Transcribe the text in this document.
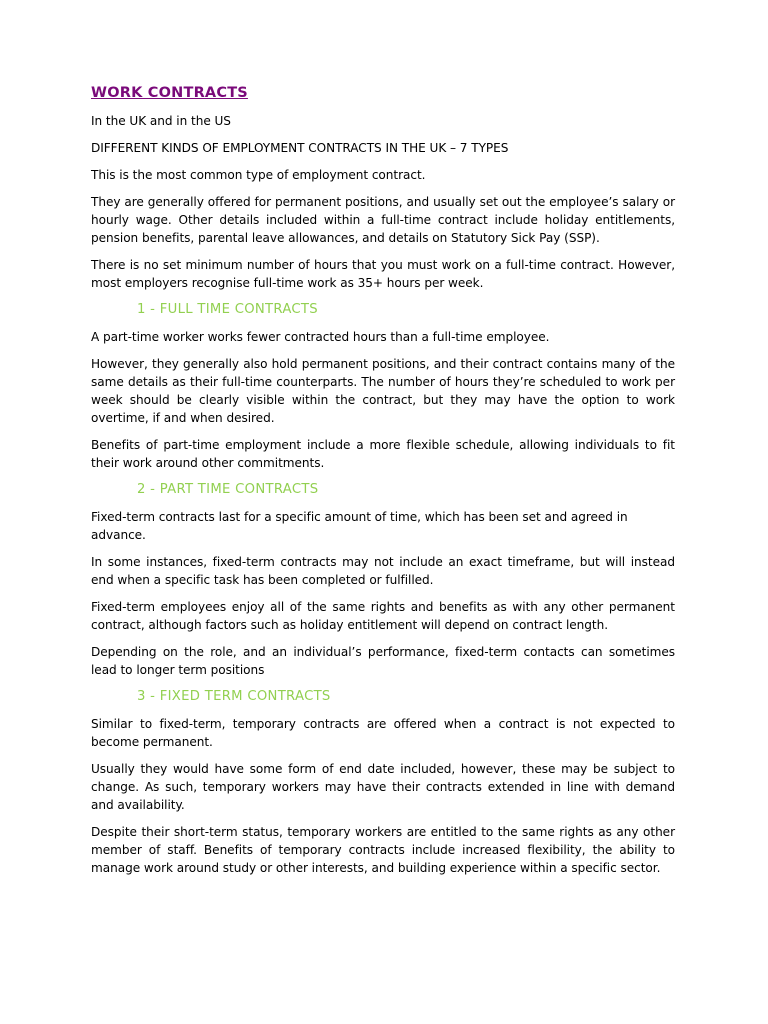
WORK CONTRACTS
In the UK and in the US
DIFFERENT KINDS OF EMPLOYMENT CONTRACTS IN THE UK – 7 TYPES
This is the most common type of employment contract.
They are generally offered for permanent positions, and usually set out the employee’s salary or hourly wage. Other details included within a full-time contract include holiday entitlements, pension benefits, parental leave allowances, and details on Statutory Sick Pay (SSP).
There is no set minimum number of hours that you must work on a full-time contract. However, most employers recognise full-time work as 35+ hours per week.
1 - FULL TIME CONTRACTS
A part-time worker works fewer contracted hours than a full-time employee.
However, they generally also hold permanent positions, and their contract contains many of the same details as their full-time counterparts. The number of hours they’re scheduled to work per week should be clearly visible within the contract, but they may have the option to work overtime, if and when desired.
Benefits of part-time employment include a more flexible schedule, allowing individuals to fit their work around other commitments.
2 - PART TIME CONTRACTS
Fixed-term contracts last for a specific amount of time, which has been set and agreed in advance.
In some instances, fixed-term contracts may not include an exact timeframe, but will instead end when a specific task has been completed or fulfilled.
Fixed-term employees enjoy all of the same rights and benefits as with any other permanent contract, although factors such as holiday entitlement will depend on contract length.
Depending on the role, and an individual’s performance, fixed-term contacts can sometimes lead to longer term positions
3 - FIXED TERM CONTRACTS
Similar to fixed-term, temporary contracts are offered when a contract is not expected to become permanent.
Usually they would have some form of end date included, however, these may be subject to change. As such, temporary workers may have their contracts extended in line with demand and availability.
Despite their short-term status, temporary workers are entitled to the same rights as any other member of staff. Benefits of temporary contracts include increased flexibility, the ability to manage work around study or other interests, and building experience within a specific sector.
